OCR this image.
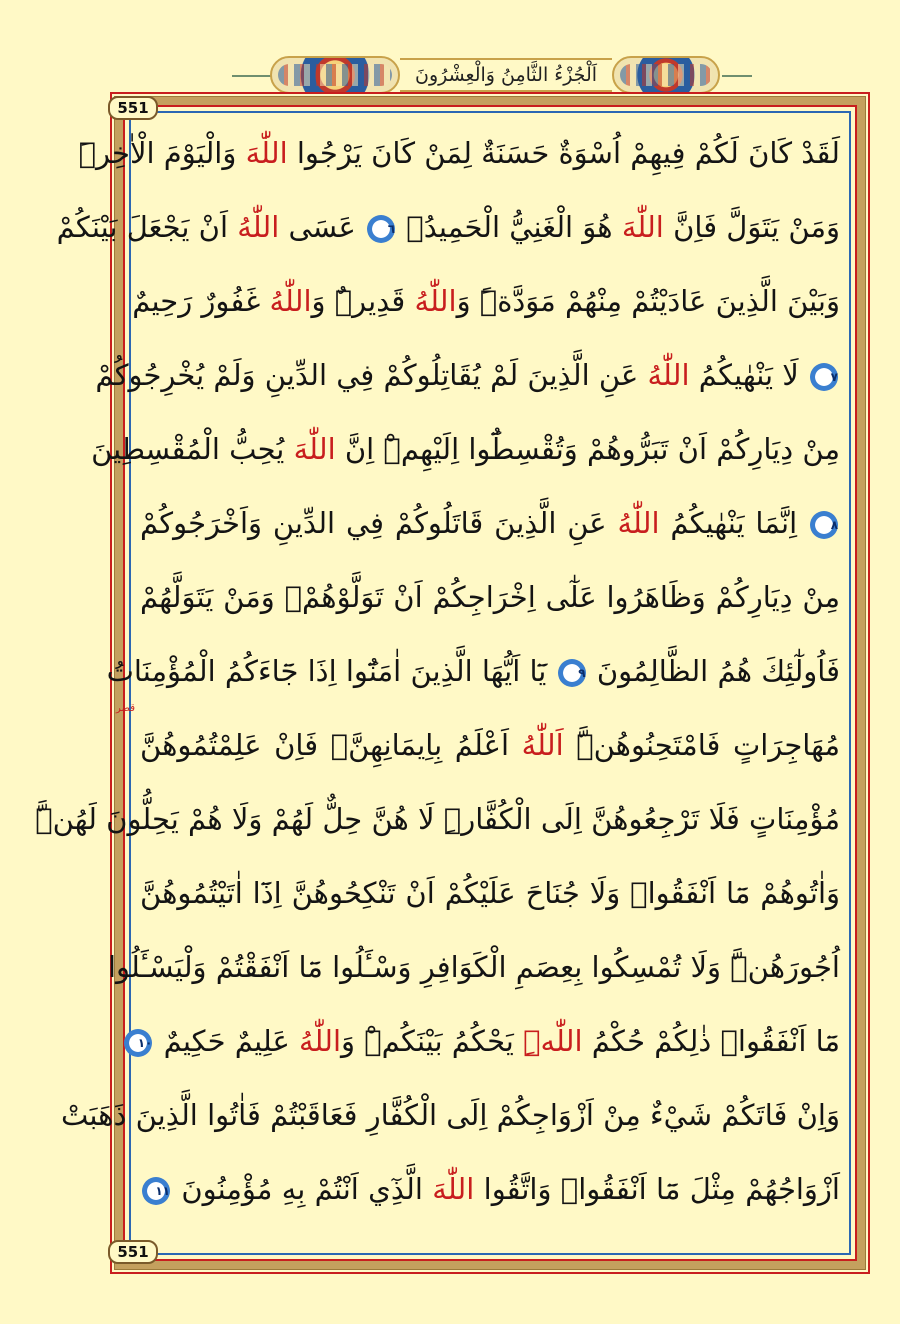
اَلْجُزْءُ الثَّامِنُ وَالْعِشْرُونَ
551
551
قصر
لَقَدْ كَانَ لَكُمْ فِيهِمْ اُسْوَةٌ حَسَنَةٌ لِمَنْ كَانَ يَرْجُوا اللّٰهَ وَالْيَوْمَ الْاٰخِرَۜ
وَمَنْ يَتَوَلَّ فَاِنَّ اللّٰهَ هُوَ الْغَنِيُّ الْحَمِيدُ۟ ٦ عَسَى اللّٰهُ اَنْ يَجْعَلَ بَيْنَكُمْ
وَبَيْنَ الَّذِينَ عَادَيْتُمْ مِنْهُمْ مَوَدَّةًۜ وَاللّٰهُ قَدِيرٌۜ وَاللّٰهُ غَفُورٌ رَحِيمٌ
٧ لَا يَنْهٰيكُمُ اللّٰهُ عَنِ الَّذِينَ لَمْ يُقَاتِلُوكُمْ فِي الدِّينِ وَلَمْ يُخْرِجُوكُمْ
مِنْ دِيَارِكُمْ اَنْ تَبَرُّوهُمْ وَتُقْسِطُٓوا اِلَيْهِمْۜ اِنَّ اللّٰهَ يُحِبُّ الْمُقْسِطِينَ
٨ اِنَّمَا يَنْهٰيكُمُ اللّٰهُ عَنِ الَّذِينَ قَاتَلُوكُمْ فِي الدِّينِ وَاَخْرَجُوكُمْ
مِنْ دِيَارِكُمْ وَظَاهَرُوا عَلٰٓى اِخْرَاجِكُمْ اَنْ تَوَلَّوْهُمْۚ وَمَنْ يَتَوَلَّهُمْ
فَاُولٰٓئِكَ هُمُ الظَّالِمُونَ ٩ يَٓا اَيُّهَا الَّذِينَ اٰمَنُٓوا اِذَا جَٓاءَكُمُ الْمُؤْمِنَاتُ
مُهَاجِرَاتٍ فَامْتَحِنُوهُنَّۜ اَللّٰهُ اَعْلَمُ بِاِيمَانِهِنَّۚ فَاِنْ عَلِمْتُمُوهُنَّ
مُؤْمِنَاتٍ فَلَا تَرْجِعُوهُنَّ اِلَى الْكُفَّارِۜ لَا هُنَّ حِلٌّ لَهُمْ وَلَا هُمْ يَحِلُّونَ لَهُنَّۜ
وَاٰتُوهُمْ مَٓا اَنْفَقُواۜ وَلَا جُنَاحَ عَلَيْكُمْ اَنْ تَنْكِحُوهُنَّ اِذَٓا اٰتَيْتُمُوهُنَّ
اُجُورَهُنَّۜ وَلَا تُمْسِكُوا بِعِصَمِ الْكَوَافِرِ وَسْـَٔلُوا مَٓا اَنْفَقْتُمْ وَلْيَسْـَٔلُوا
مَٓا اَنْفَقُواۜ ذٰلِكُمْ حُكْمُ اللّٰهِۜ يَحْكُمُ بَيْنَكُمْۜ وَاللّٰهُ عَلِيمٌ حَكِيمٌ ١٠
وَاِنْ فَاتَكُمْ شَيْءٌ مِنْ اَزْوَاجِكُمْ اِلَى الْكُفَّارِ فَعَاقَبْتُمْ فَاٰتُوا الَّذِينَ ذَهَبَتْ
اَزْوَاجُهُمْ مِثْلَ مَٓا اَنْفَقُواۜ وَاتَّقُوا اللّٰهَ الَّذِٓي اَنْتُمْ بِهِ مُؤْمِنُونَ ١١
